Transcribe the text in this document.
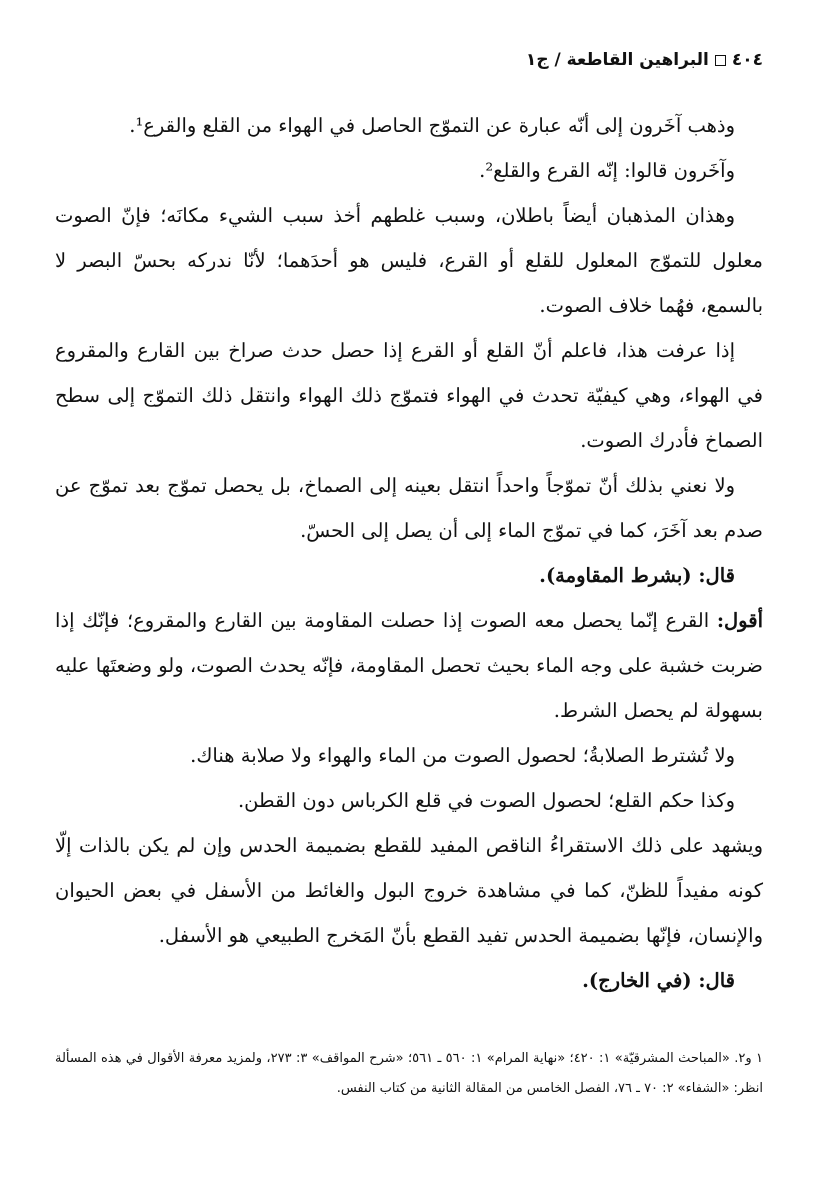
٤٠٤البراهين القاطعة / ج١

وذهب آخَرون إلى أنّه عبارة عن التموّج الحاصل في الهواء من القلع والقرع¹.

وآخَرون قالوا: إنّه القرع والقلع².

وهذان المذهبان أيضاً باطلان، وسبب غلطهم أخذ سبب الشيء مكانَه؛ فإنّ الصوت معلول للتموّج المعلول للقلع أو القرع، فليس هو أحدَهما؛ لأنّا ندركه بحسّ البصر لا بالسمع، فهُما خلاف الصوت.

إذا عرفت هذا، فاعلم أنّ القلع أو القرع إذا حصل حدث صراخ بين القارع والمقروع في الهواء، وهي كيفيّة تحدث في الهواء فتموّج ذلك الهواء وانتقل ذلك التموّج إلى سطح الصماخ فأدرك الصوت.

ولا نعني بذلك أنّ تموّجاً واحداً انتقل بعينه إلى الصماخ، بل يحصل تموّج بعد تموّج عن صدم بعد آخَرَ، كما في تموّج الماء إلى أن يصل إلى الحسّ.

قال: (بشرط المقاومة).

أقول: القرع إنّما يحصل معه الصوت إذا حصلت المقاومة بين القارع والمقروع؛ فإنّك إذا ضربت خشبة على وجه الماء بحيث تحصل المقاومة، فإنّه يحدث الصوت، ولو وضعتَها عليه بسهولة لم يحصل الشرط.

ولا تُشترط الصلابةُ؛ لحصول الصوت من الماء والهواء ولا صلابة هناك.

وكذا حكم القلع؛ لحصول الصوت في قلع الكرباس دون القطن.

ويشهد على ذلك الاستقراءُ الناقص المفيد للقطع بضميمة الحدس وإن لم يكن بالذات إلّا كونه مفيداً للظنّ، كما في مشاهدة خروج البول والغائط من الأسفل في بعض الحيوان والإنسان، فإنّها بضميمة الحدس تفيد القطع بأنّ المَخرج الطبيعي هو الأسفل.

قال: (في الخارج).

١ و٢. «المباحث المشرقيّة» ١: ٤٢٠؛ «نهاية المرام» ١: ٥٦٠ ـ ٥٦١؛ «شرح المواقف» ٣: ٢٧٣، ولمزيد معرفة الأقوال في هذه المسألة انظر: «الشفاء» ٢: ٧٠ ـ ٧٦، الفصل الخامس من المقالة الثانية من كتاب النفس.
